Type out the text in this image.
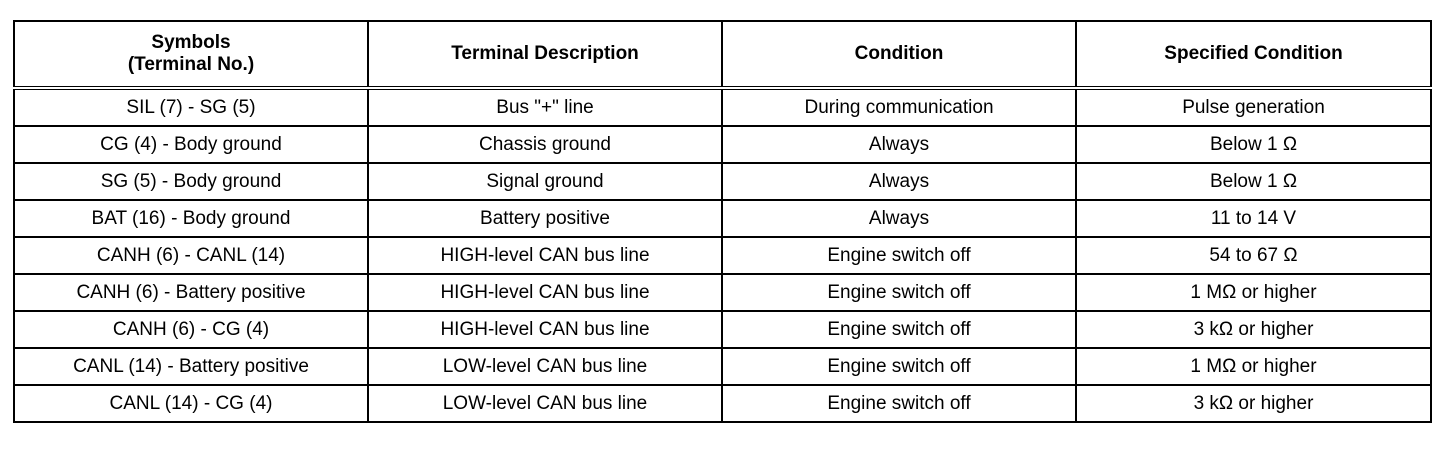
Symbols
(Terminal No.)	Terminal Description	Condition	Specified Condition
SIL (7) - SG (5)	Bus "+" line	During communication	Pulse generation
CG (4) - Body ground	Chassis ground	Always	Below 1 Ω
SG (5) - Body ground	Signal ground	Always	Below 1 Ω
BAT (16) - Body ground	Battery positive	Always	11 to 14 V
CANH (6) - CANL (14)	HIGH-level CAN bus line	Engine switch off	54 to 67 Ω
CANH (6) - Battery positive	HIGH-level CAN bus line	Engine switch off	1 MΩ or higher
CANH (6) - CG (4)	HIGH-level CAN bus line	Engine switch off	3 kΩ or higher
CANL (14) - Battery positive	LOW-level CAN bus line	Engine switch off	1 MΩ or higher
CANL (14) - CG (4)	LOW-level CAN bus line	Engine switch off	3 kΩ or higher
